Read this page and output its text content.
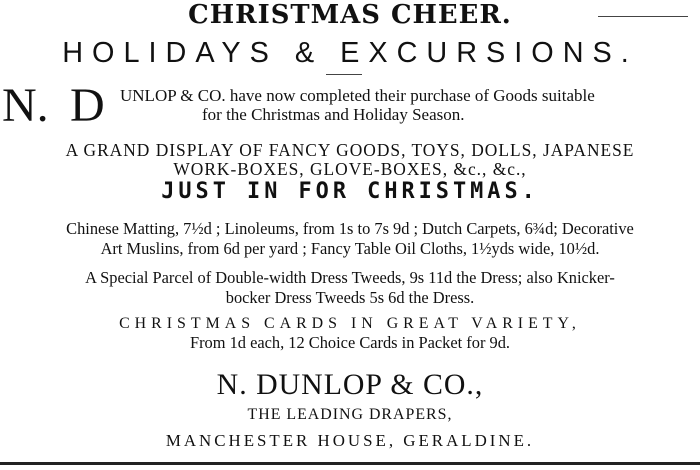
CHRISTMAS CHEER.
HOLIDAYS & EXCURSIONS.
N. D UNLOP & CO. have now completed their purchase of Goods suitable
for the Christmas and Holiday Season.
A GRAND DISPLAY OF FANCY GOODS, TOYS, DOLLS, JAPANESE
WORK-BOXES, GLOVE-BOXES, &c., &c.,
JUST IN FOR CHRISTMAS.
Chinese Matting, 7½d ; Linoleums, from 1s to 7s 9d ; Dutch Carpets, 6¾d; Decorative
Art Muslins, from 6d per yard ; Fancy Table Oil Cloths, 1½yds wide, 10½d.
A Special Parcel of Double-width Dress Tweeds, 9s 11d the Dress; also Knicker-
bocker Dress Tweeds 5s 6d the Dress.
CHRISTMAS CARDS IN GREAT VARIETY,
From 1d each, 12 Choice Cards in Packet for 9d.
N. DUNLOP & CO.,
THE LEADING DRAPERS,
MANCHESTER HOUSE, GERALDINE.
